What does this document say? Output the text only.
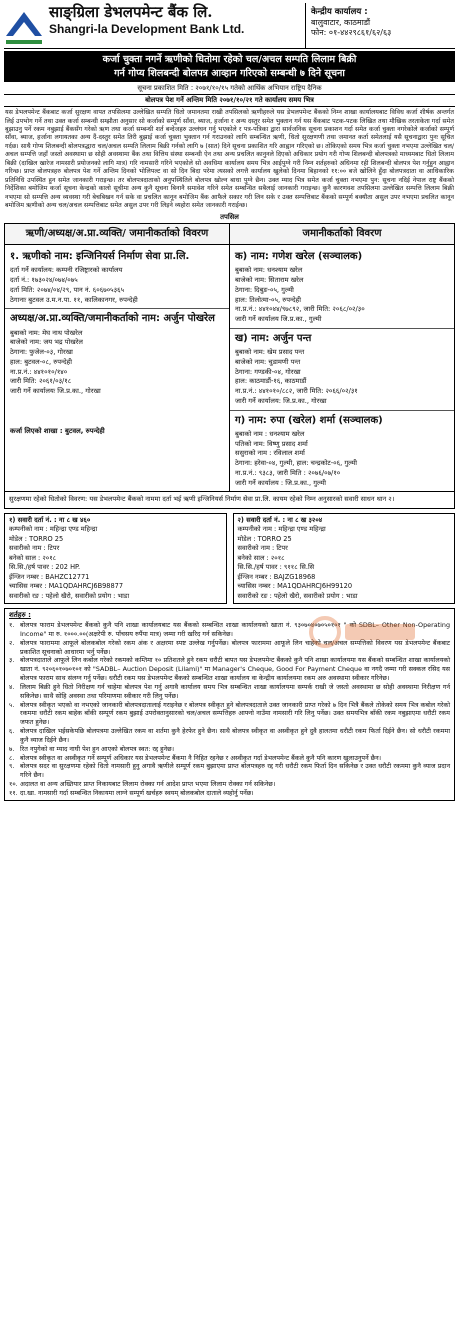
साङ्ग्रिला डेभलपमेन्ट बैंक लि.
Shangri-la Development Bank Ltd.
केन्द्रीय कार्यालय :
बालुवाटार, काठमाडौं
फोन: ०१-४४२९८६१/६२/६३
कर्जा चुक्ता नगर्ने ऋणीको धितोमा रहेको चल/अचल सम्पति लिलाम बिक्री
गर्न गोप्य शिलबन्दी बोलपत्र आव्हान गरिएको सम्बन्धी ७ दिने सूचना
सूचना प्रकाशित मिति : २०७१/१०/१५ गतेको आर्थिक अभियान राष्ट्रिय दैनिक
बोलपत्र पेश गर्ने अन्तिम मिति २०७१/१०/२१ गते कार्यालय समय भित्र

यस डेभलपमेन्ट बैंकबाट कर्जा सुरक्षण वापत तपसिलमा उल्लेखित सम्पति धितो जमानतमा राखी तपसिलको ऋणीहरुले यस डेभलपमेन्ट बैंकको निम्न शाखा कार्यालयबाट विविध कर्जा शीर्षक अन्तर्गत लिई उपभोग गर्ने तथा उक्त कर्जा सम्बन्धी सम्झौता अनुसार सो कर्जाको सम्पूर्ण साँवा, ब्याज, हर्जाना र अन्य दस्तुर समेत भुक्तान गर्न यस बैंकबाट पटक-पटक लिखित तथा मौखिक तरताकेता गर्दा समेत बुझाउनु पर्ने रकम नबुझाई बैंकसँग गरेको ऋण तथा कर्जा सम्बन्धी शर्त बन्देजहरु उल्लंघन गर्नु भएकोले र पत्र-पत्रिका द्वारा सार्वजनिक सूचना प्रकाशन गर्दा समेत कर्जा चुक्ता नगरेकोले कर्जाको सम्पूर्ण साँवा, ब्याज, हर्जाना लगायतका अन्य दैं-दस्तुर समेत तिरी बुझाई कर्जा चुक्ता भुक्तान गर्न गराउनको लागि सम्बन्धित ऋणी, धितो सुरक्षणणी तथा जमानत कर्ता समेतलाई यसै सूचनाद्वारा पुनः सूचित गर्दछ। साथै गोप्य शिलबन्दी बोलपत्रद्धारा चल/अचल सम्पति लिलाम बिक्री गर्नको लागि ७ (सात) दिने सूचना प्रकाशित गरि आह्वान गरिएको छ। तोकिएको समय भित्र कर्जा चुक्ता नभएमा उल्लेखित चल/अचल सम्पत्ति जहाँ जस्तो अवस्थामा छ सोही अवस्थामा बैंक तथा वित्तिय संस्था सम्बन्धी ऐन तथा अन्य प्रचलित कानुनले दिएको अधिकार प्रयोग गरी गोप्य शिलबन्दी बोलपत्रको माध्यमबाट धितो लिलाम बिक्री (दाखिल खारेज नामसारी प्रयोजनको लागि मात्र) गरि नामसारी गरिने भएकोले सो अवधिमा कार्यालय समय भित्र आईपुग्ने गरी निम्न शर्तहरुको अधिनमा रही शिलबन्दी बोलपत्र पेश गर्नुहुन आह्वान गरिन्छ। प्राप्त बोलपत्रहरु बोलपत्र पेश गर्ने अन्तिम दिनको भोलिपल्ट वा सो दिन बिदा परेमा त्यसको लगत्तै कार्यालय खुलेको दिनमा बिहानको ११:०० बजे खोलिने हुँदा बोलपत्रदाता वा आधिकारिक प्रतिनिधि उपस्थित हुन समेत जानकारी गराइन्छ। तर बोलपत्रदाताको अनुपस्थितिले बोलपत्र खोल्न बाधा पुग्ने छैन। उक्त म्याद भित्र समेत कर्जा चुक्ता नभएमा पुन: सूचना नदिई नेपाल राष्ट्र बैंकको निर्देशिका बमोजिम कर्जा सूचना केन्द्रको कालो सूचीमा अन्य कुनै सूचना बिनानै समावेश गरिने समेत सम्बन्धित सबैलाई जानकारी गराइन्छ। कुनै कारणवश तपसिलमा उल्लेखित सम्पत्ति लिलाम बिक्री नभएमा सो सम्पत्ति अन्य व्यवस्था गरी बेचबिखन गर्न सके वा प्रचलित कानून बमोजिम बैंक आफैले सकार गरी लिन सके र उक्त सम्पत्तिबाट बैंकको सम्पूर्ण बक्यौता असुल उपर नभएमा प्रचलित कानून बमोजिम ऋणीको अन्य चल/अचल सम्पत्तिबाट समेत असुल उपर गरी लिइने व्यहोरा समेत जानकारी गराईन्छ।

तपसिल
ऋणी/अध्यक्ष/अ.प्रा.व्यक्ति/ जमानीकर्ताको विवरण	जमानीकर्ताको विवरण
१. ऋणीको नाम: इन्जिनियर्स निर्माण सेवा प्रा.लि.
दर्ता गर्ने कार्यालय: कम्पनी रजिष्ट्रारको कार्यालय
दर्ता नं.: १७३०२४/०७४/०७५
दर्ता मिति: २०७४/०४/२९, पान नं. ६०६७०५३६५
ठेगानाः बुटवल उ.म.न.पा. ११, कालिकानगर, रुपन्देही
अध्यक्ष/अ.प्रा.व्यक्ति/जमानीकर्ताको नाम: अर्जुन पोखरेल
बुबाको नाम: मेघ नाथ पोखरेल
बाजेको नाम: जय भद्र पोखरेल
ठेगाना: फुजेल-०३, गोरखा
हाल: बुटवल-०८, रुपन्देही
ना.प्र.नं.: ४४१०१०/१४०
जारी मिति: २०६१/०३/१८
जारी गर्ने कार्यालयः जि.प्र.का., गोरखा
कर्जा लिएको शाखा : बुटवल, रुपन्देही
क) नाम: गणेश खरेल (सञ्चालक)
बुबाको नाम: धनश्याम खरेल
बाजेको नाम: सिताराम खरेल
ठेगाना: दिबुङ-०५, गुल्मी
हाल: तिलोत्मा-०५, रुपन्देही
ना.प्र.नं.: ४४१०४४/९७८९२, जारी मिति: २०६८/०२/३०
जारी गर्ने कार्यालय जि.प्र.का., गुल्मी
ख) नाम: अर्जुन पन्त
बुबाको नाम: खेम प्रसाद पन्त
बाजेको नाम: चुडामणी पन्त
ठेगाना: गण्डकी-०४, गोरखा
हाल: काठमाडौं-१६, काठमाडौं
ना.प्र.नं.: ४४१०१०/८८२, जारी मिति: २०६६/०२/३१
जारी गर्ने कार्यालय: जि.प्र.का., गोरखा
ग) नाम: रुपा (खरेल) शर्मा (सञ्चालक)
बुबाको नाम : धनश्याम खरेल
पतिको नाम: विष्णु प्रसाद शर्मा
ससुराको नाम : रविलाल शर्मा
ठेगाना: हरेवा-०४, गुल्मी, हाल: चन्द्रकोट-०६, गुल्मी
ना.प्र.नं.: ९३८३, जारी मिति : २०७६/०७/१०
जारी गर्ने कार्यालय : जि.प्र.का., गुल्मी
सुरक्षणमा रहेको धितोको विवरण: यस डेभलपमेन्ट बैंकको नाममा दर्ता भई ऋणी इन्जिनियर्स निर्माण सेवा प्रा.लि. कायम रहेको निम्न अनुसारको सवारी साधन थान २।
१) सवारी दर्ता नं. : ना ८ ख ४६०
कम्पनीको नाम : महिन्द्रा एण्ड महिन्द्रा
मोडेल : TORRO 25
सवारीको नाम : टिपर
बनेको साल : २०१८
सि.सि./हर्ष पावर : 202 HP.
ईन्जिन नम्बर : BAHZC12771
च्यासिस नम्बर : MA1QDAHRCJ6B98877
सवारीको रङ : पहेलो खैरो, सवारीको प्रयोग : भाडा
२) सवारी दर्ता नं. : ना ८ ख ३२०४
कम्पनीको नाम : महिन्द्रा एण्ड महिन्द्रा
मोडेल : TORRO 25
सवारीको नाम : टिपर
बनेको साल : २०१८
सि.सि./हर्ष पावर : ९११८ सि.सि
ईन्जिन नम्बर : BAJZG18968
च्यासिस नम्बर : MA1QDAHRCJ6H99120
सवारीको रङ : पहेलो खैरो, सवारीको प्रयोग : भाडा
शर्तहरु :
१. बोलपत्र फाराम डेभलपमेन्ट बैंकको कुनै पनि शाखा कार्यालयबाट यस बैंकको सम्बन्धित शाखा कार्यालयको खाता नं. ९३०७०४०७०५०१०१ " को SDBL– Other Non-Operating Income" मा रु. १०००.००(अक्षरेपी रु. पाँचसय रुपैंया मात्र) जम्मा गरी खरिद गर्न सकिनेछ।
२. बोलपत्र फाराममा आफूले बोलकबोल गरेको रकम अंक र अक्षरमा स्पष्ट उल्लेख गर्नुपर्नेछ। बोलपत्र फाराममा आफूले लिन चाहेको चल/अचल सम्पत्तिको विवरण यस डेभलपमेन्ट बैंकबाट प्रकाशित सूचनाको आधारमा भर्नु पर्नेछ।
३. बोलपत्रदाताले आफूले लिन कबोल गरेको रकमको कम्तिमा १० प्रतिशतले हुने रकम धरौटी बापत यस डेभलपमेन्ट बैंकको कुनै पनि शाखा कार्यालयमा यस बैंकको सम्बन्धित शाखा कार्यालयको खाता नं. ९२०६०१०७०१०१ को "SADBL– Auction Deposit (Lilami)" मा Manager's Cheque, Good For Payment Cheque वा नगदै जम्मा गरी सक्कल रसिद यस बोलपत्र फाराम साथ संलग्न गर्नु पर्नेछ। धरौटी रकम यस डेभलपमेन्ट बैंकको सम्बन्धित शाखा कार्यालय वा केन्द्रीय कार्यालयमा रकम अरु अवस्थामा स्वीकार गरिनेछ।
४. लिलाम बिक्री हुने धितो निरीक्षण गर्न चाहेमा बोलपत्र पेश गर्नु अगावै कार्यालय समय भित्र सम्बन्धित शाखा कार्यालयमा सम्पर्क राखी जे जस्तो अवस्थामा छ सोही अवस्थामा निरीक्षण गर्न सकिनेछ। साथै सोहि अवस्था तथा परिमाणमा स्वीकार गरी लिनु पर्नेछ।
५. बोलपत्र स्वीकृत भएको वा नभएको जानकारी बोलपत्रदातालाई गराइनेछ र बोलपत्र स्वीकृत हुने बोलपत्रदाताले उक्त जानकारी प्राप्त गरेको ७ दिन भित्रै बैंकले तोकेको समय भित्र कबोल गरेको रकममा धरौटी रकम बाहेक बाँकी सम्पूर्ण रकम बुझाई उपरोक्तानुसारको चल/अचल सम्पत्तिहरु आफ्नो नाउँमा नामसारी गरि लिनु पर्नेछ। उक्त समयभित्र बाँकी रकम नबुझाएमा धरौटी रकम जफत हुनेछ।
६. बोलपत्र दाखिल भईसकेपछि बोलपत्रमा उल्लेखित रकम वा शर्तमा कुनै हेरफेर हुने छैन। साथै बोलपत्र स्वीकृत वा अस्वीकृत हुने दुवै हालतमा धरौटी रकम फिर्ता दिईने छैन। सो धरौटी रकममा कुनै व्याज दिईने छैन।
७. रित नपुगेको वा म्याद नाघी पेश हुन आएको बोलपत्र स्वत: रद्द हुनेछ।
८. बोलपत्र स्वीकृत वा अस्वीकृत गर्ने सम्पूर्ण अधिकार यस डेभलपमेन्ट बैंकमा नै निहित रहनेछ र अस्वीकृत गर्दा डेभलपमेन्ट बैंकले कुनै पनि कारण खुलाउनुपर्ने छैन।
९. बोलपत्र सदर वा सुरक्षणमा रहेको धितो नामसारी हुनु अगावै ऋणीले सम्पूर्ण रकम बुझाएमा प्राप्त बोलपत्रहरु रद्द गरी धरौटी रकम फिर्ता दिन सकिनेछ र उक्त धरौटी रकममा कुनै व्याज प्रदान गरिने छैन।
१०. अदालत वा अन्य अख्तियार प्राप्त निकायबाट लिलाम रोक्का गर्न आदेश प्राप्त भएमा लिलाम रोक्का गर्न सकिनेछ।
११. दा.खा. नामसारी गर्दा सम्बन्धित निकायमा लाग्ने सम्पूर्ण खर्चहरु स्वयम् बोलकबोल दाताले व्यहोर्नु पर्नेछ।
